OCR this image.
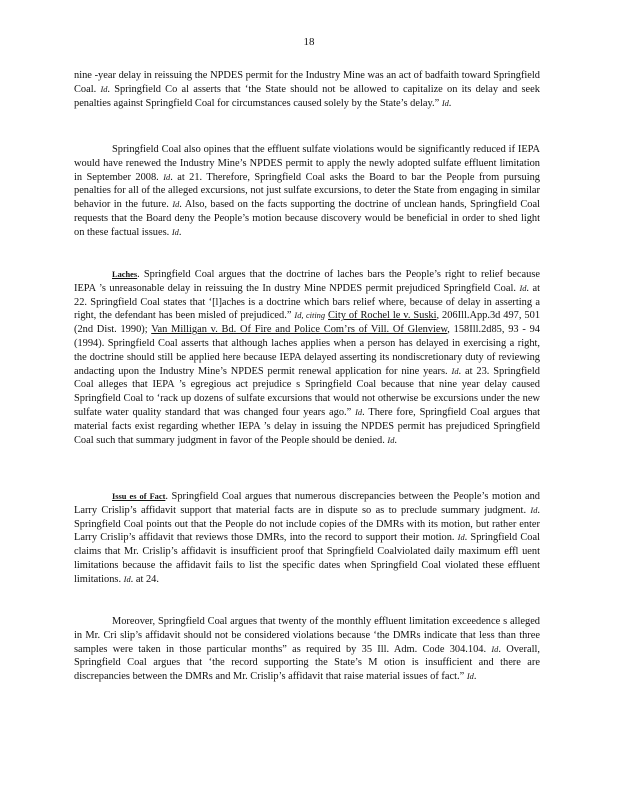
18

nine -year delay in reissuing the NPDES permit for the Industry Mine was an act of badfaith toward Springfield Coal. Id. Springfield Co al asserts that ‘the State should not be allowed to capitalize on its delay and seek penalties against Springfield Coal for circumstances caused solely by the State’s delay.” Id.

Springfield Coal also opines that the effluent sulfate violations would be significantly reduced if IEPA would have renewed the Industry Mine’s NPDES permit to apply the newly adopted sulfate effluent limitation in September 2008. Id. at 21. Therefore, Springfield Coal asks the Board to bar the People from pursuing penalties for all of the alleged excursions, not just sulfate excursions, to deter the State from engaging in similar behavior in the future. Id. Also, based on the facts supporting the doctrine of unclean hands, Springfield Coal requests that the Board deny the People’s motion because discovery would be beneficial in order to shed light on these factual issues. Id.

Laches. Springfield Coal argues that the doctrine of laches bars the People’s right to relief because IEPA ’s unreasonable delay in reissuing the In dustry Mine NPDES permit prejudiced Springfield Coal. Id. at 22. Springfield Coal states that ‘[l]aches is a doctrine which bars relief where, because of delay in asserting a right, the defendant has been misled of prejudiced.” Id, citing City of Rochel le v. Suski, 206Ill.App.3d 497, 501 (2nd Dist. 1990); Van Milligan v. Bd. Of Fire and Police Com’rs of Vill. Of Glenview, 158Ill.2d85, 93 - 94 (1994). Springfield Coal asserts that although laches applies when a person has delayed in exercising a right, the doctrine should still be applied here because IEPA delayed asserting its nondiscretionary duty of reviewing andacting upon the Industry Mine’s NPDES permit renewal application for nine years. Id. at 23. Springfield Coal alleges that IEPA ’s egregious act prejudice s Springfield Coal because that nine year delay caused Springfield Coal to ‘rack up dozens of sulfate excursions that would not otherwise be excursions under the new sulfate water quality standard that was changed four years ago.” Id. There fore, Springfield Coal argues that material facts exist regarding whether IEPA ’s delay in issuing the NPDES permit has prejudiced Springfield Coal such that summary judgment in favor of the People should be denied. Id.

Issu es of Fact. Springfield Coal argues that numerous discrepancies between the People’s motion and Larry Crislip’s affidavit support that material facts are in dispute so as to preclude summary judgment. Id. Springfield Coal points out that the People do not include copies of the DMRs with its motion, but rather enter Larry Crislip’s affidavit that reviews those DMRs, into the record to support their motion. Id. Springfield Coal claims that Mr. Crislip’s affidavit is insufficient proof that Springfield Coalviolated daily maximum effl uent limitations because the affidavit fails to list the specific dates when Springfield Coal violated these effluent limitations. Id. at 24.

Moreover, Springfield Coal argues that twenty of the monthly effluent limitation exceedence s alleged in Mr. Cri slip’s affidavit should not be considered violations because ‘the DMRs indicate that less than three samples were taken in those particular months” as required by 35 Ill. Adm. Code 304.104. Id. Overall, Springfield Coal argues that ‘the record supporting the State’s M otion is insufficient and there are discrepancies between the DMRs and Mr. Crislip’s affidavit that raise material issues of fact.” Id.
